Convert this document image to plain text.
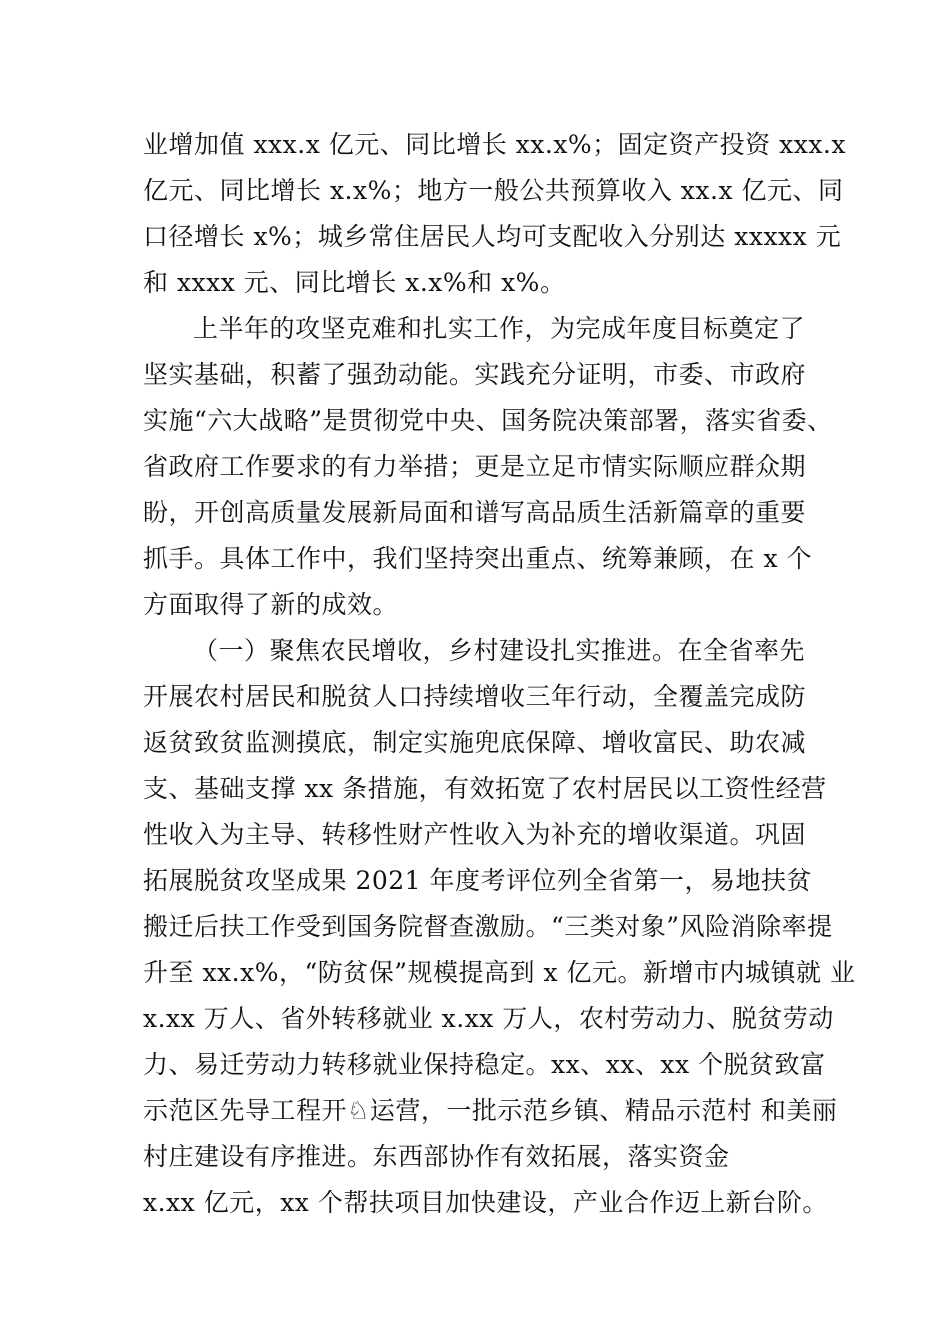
业增加值 xxx.x 亿元、同比增长 xx.x%；固定资产投资 xxx.x
亿元、同比增长 x.x%；地方一般公共预算收入 xx.x 亿元、同
口径增长 x%；城乡常住居民人均可支配收入分别达 xxxxx 元
和 xxxx 元、同比增长 x.x%和 x%。
上半年的攻坚克难和扎实工作，为完成年度目标奠定了
坚实基础，积蓄了强劲动能。实践充分证明，市委、市政府
实施“六大战略”是贯彻党中央、国务院决策部署，落实省委、
省政府工作要求的有力举措；更是立足市情实际顺应群众期
盼，开创高质量发展新局面和谱写高品质生活新篇章的重要
抓手。具体工作中，我们坚持突出重点、统筹兼顾，在 x 个
方面取得了新的成效。
（一）聚焦农民增收，乡村建设扎实推进。在全省率先
开展农村居民和脱贫人口持续增收三年行动，全覆盖完成防
返贫致贫监测摸底，制定实施兜底保障、增收富民、助农减
支、基础支撑 xx 条措施，有效拓宽了农村居民以工资性经营
性收入为主导、转移性财产性收入为补充的增收渠道。巩固
拓展脱贫攻坚成果 2021 年度考评位列全省第一，易地扶贫
搬迁后扶工作受到国务院督查激励。“三类对象”风险消除率提
升至 xx.x%，“防贫保”规模提高到 x 亿元。新增市内城镇就 业
x.xx 万人、省外转移就业 x.xx 万人，农村劳动力、脱贫劳动
力、易迁劳动力转移就业保持稳定。xx、xx、xx 个脱贫致富
示范区先导工程开♘运营，一批示范乡镇、精品示范村 和美丽
村庄建设有序推进。东西部协作有效拓展，落实资金
x.xx 亿元，xx 个帮扶项目加快建设，产业合作迈上新台阶。
